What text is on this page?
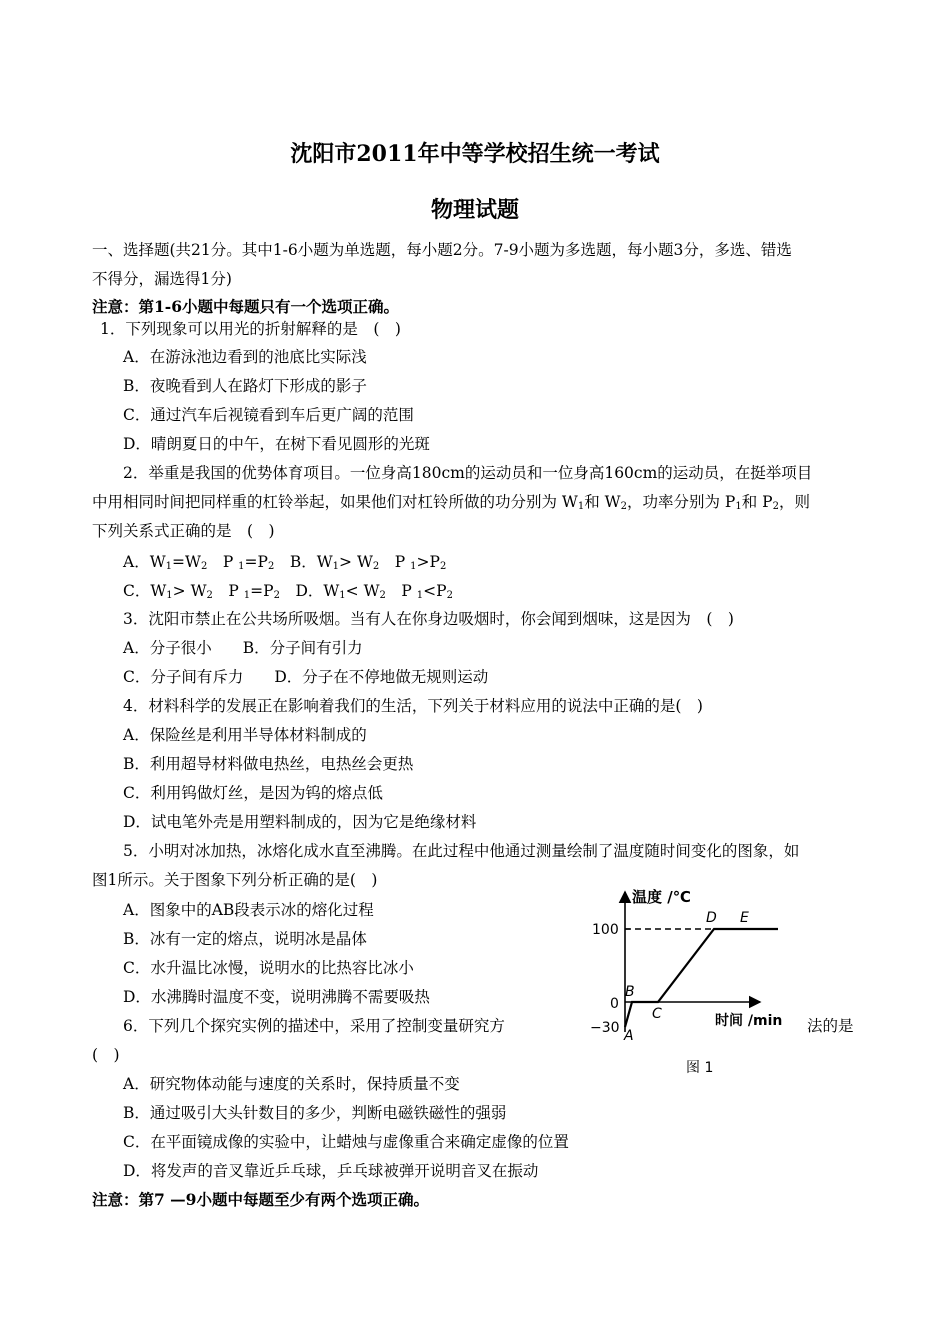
沈阳市2011年中等学校招生统一考试
物理试题
一、选择题(共21分。其中1-6小题为单选题，每小题2分。7-9小题为多选题，每小题3分，多选、错选
不得分，漏选得1分)
注意：第1-6小题中每题只有一个选项正确。
1．下列现象可以用光的折射解释的是　(　)
A．在游泳池边看到的池底比实际浅
B．夜晚看到人在路灯下形成的影子
C．通过汽车后视镜看到车后更广阔的范围
D．晴朗夏日的中午，在树下看见圆形的光斑
2．举重是我国的优势体育项目。一位身高180cm的运动员和一位身高160cm的运动员，在挺举项目
中用相同时间把同样重的杠铃举起，如果他们对杠铃所做的功分别为 $W_1$和 $W_2$，功率分别为 $P_1$和 $P_2$，则
下列关系式正确的是　(　)
A．$W_1=W_2$　P $_1=P_2$　B．$W_1> W_2$　P $_1>P_2$
C．$W_1> W_2$　P $_1=P_2$　D．$W_1< W_2$　P $_1<P_2$
3．沈阳市禁止在公共场所吸烟。当有人在你身边吸烟时，你会闻到烟味，这是因为　(　)
A．分子很小　　B．分子间有引力
C．分子间有斥力　　D．分子在不停地做无规则运动
4．材料科学的发展正在影响着我们的生活，下列关于材料应用的说法中正确的是(　)
A．保险丝是利用半导体材料制成的
B．利用超导材料做电热丝，电热丝会更热
C．利用钨做灯丝，是因为钨的熔点低
D．试电笔外壳是用塑料制成的，因为它是绝缘材料
5．小明对冰加热，冰熔化成水直至沸腾。在此过程中他通过测量绘制了温度随时间变化的图象，如
图1所示。关于图象下列分析正确的是(　)
A．图象中的AB段表示冰的熔化过程
B．冰有一定的熔点，说明冰是晶体
C．水升温比冰慢，说明水的比热容比冰小
D．水沸腾时温度不变，说明沸腾不需要吸热
6．下列几个探究实例的描述中，采用了控制变量研究方	法的是
(　)
A．研究物体动能与速度的关系时，保持质量不变
B．通过吸引大头针数目的多少，判断电磁铁磁性的强弱
C．在平面镜成像的实验中，让蜡烛与虚像重合来确定虚像的位置
D．将发声的音叉靠近乒乓球，乒乓球被弹开说明音叉在振动
注意：第7 —9小题中每题至少有两个选项正确。
温度 /℃
时间 /min
100
0
−30 A
B
C
D E
图 1
